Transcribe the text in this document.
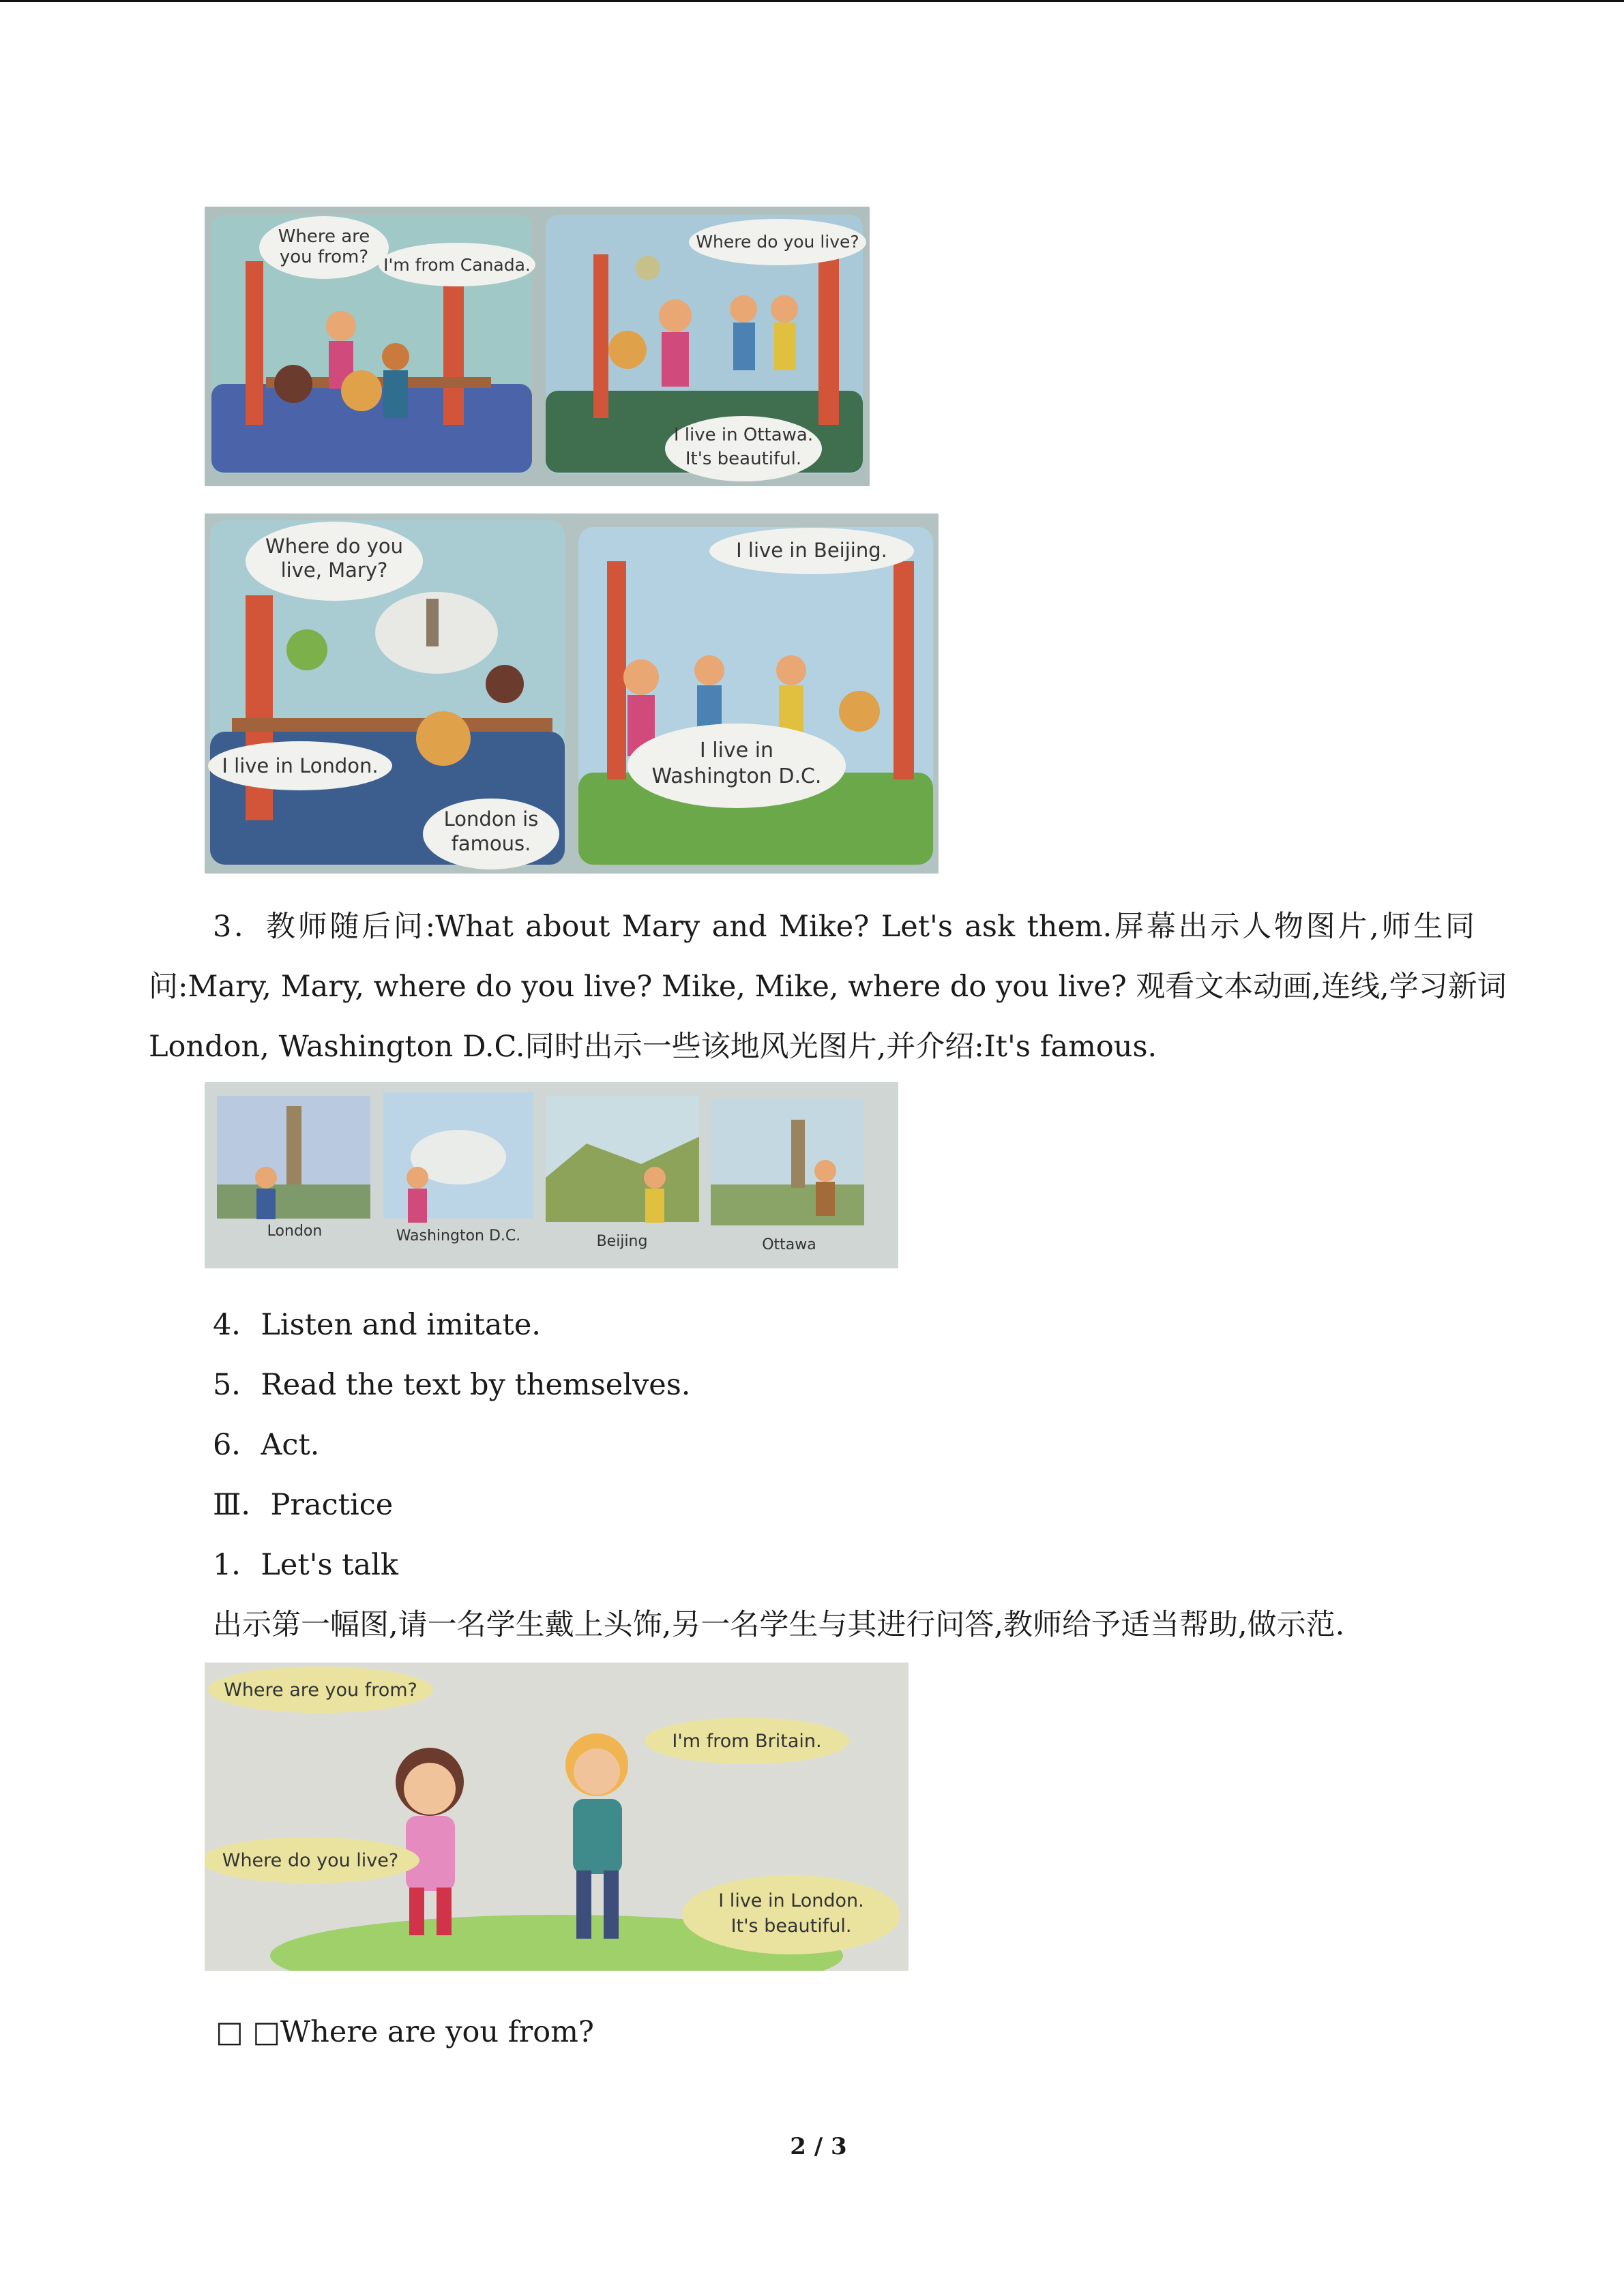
Where are
you from? I'm from Canada.
Where do you live?
I live in Ottawa.
It's beautiful.
Where do you
live, Mary?
I live in Beijing.
I live in London.
London is
famous.
I live in
Washington D.C.
3．教师随后问:What about Mary and Mike? Let's ask them.屏幕出示人物图片,师生同
问:Mary, Mary, where do you live? Mike, Mike, where do you live? 观看文本动画,连线,学习新词
London, Washington D.C.同时出示一些该地风光图片,并介绍:It's famous.
London	Washington D.C.	Beijing	Ottawa
4．Listen and imitate.
5．Read the text by themselves.
6．Act.
Ⅲ．Practice
1．Let's talk
出示第一幅图,请一名学生戴上头饰,另一名学生与其进行问答,教师给予适当帮助,做示范.
Where are you from?
I'm from Britain.
Where do you live?
I live in London.
It's beautiful.
□ □Where are you from?
2 / 3
